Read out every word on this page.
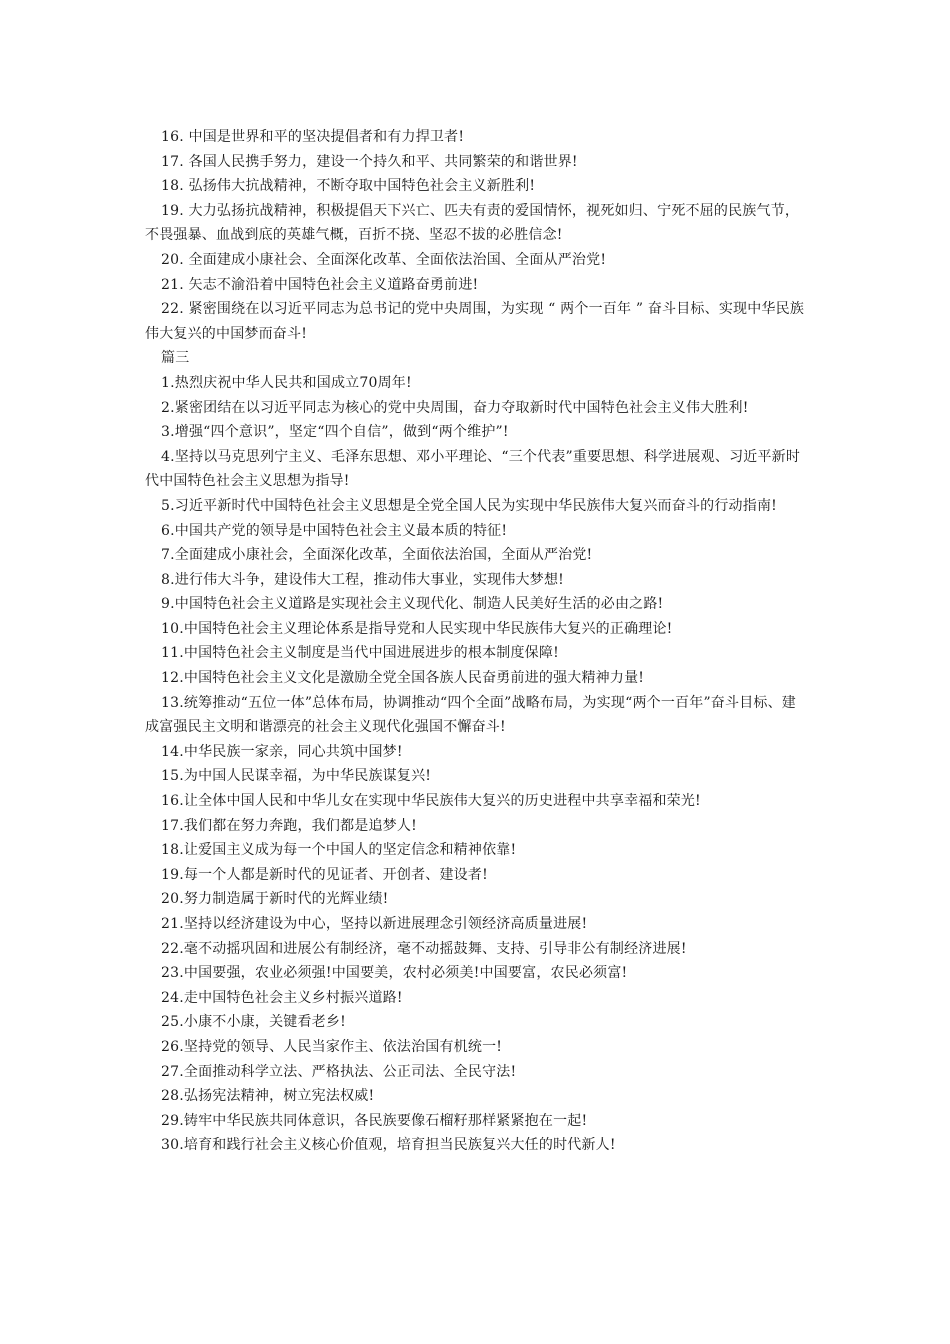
16. 中国是世界和平的坚决提倡者和有力捍卫者!

17. 各国人民携手努力，建设一个持久和平、共同繁荣的和谐世界!

18. 弘扬伟大抗战精神，不断夺取中国特色社会主义新胜利!

19. 大力弘扬抗战精神，积极提倡天下兴亡、匹夫有责的爱国情怀，视死如归、宁死不屈的民族气节，不畏强暴、血战到底的英雄气概，百折不挠、坚忍不拔的必胜信念!

20. 全面建成小康社会、全面深化改革、全面依法治国、全面从严治党!

21. 矢志不渝沿着中国特色社会主义道路奋勇前进!

22. 紧密围绕在以习近平同志为总书记的党中央周围，为实现 “ 两个一百年 ” 奋斗目标、实现中华民族伟大复兴的中国梦而奋斗!

篇三

1.热烈庆祝中华人民共和国成立70周年!

2.紧密团结在以习近平同志为核心的党中央周围，奋力夺取新时代中国特色社会主义伟大胜利!

3.增强“四个意识”，坚定“四个自信”，做到“两个维护”!

4.坚持以马克思列宁主义、毛泽东思想、邓小平理论、“三个代表”重要思想、科学进展观、习近平新时代中国特色社会主义思想为指导!

5.习近平新时代中国特色社会主义思想是全党全国人民为实现中华民族伟大复兴而奋斗的行动指南!

6.中国共产党的领导是中国特色社会主义最本质的特征!

7.全面建成小康社会，全面深化改革，全面依法治国，全面从严治党!

8.进行伟大斗争，建设伟大工程，推动伟大事业，实现伟大梦想!

9.中国特色社会主义道路是实现社会主义现代化、制造人民美好生活的必由之路!

10.中国特色社会主义理论体系是指导党和人民实现中华民族伟大复兴的正确理论!

11.中国特色社会主义制度是当代中国进展进步的根本制度保障!

12.中国特色社会主义文化是激励全党全国各族人民奋勇前进的强大精神力量!

13.统筹推动“五位一体”总体布局，协调推动“四个全面”战略布局，为实现“两个一百年”奋斗目标、建成富强民主文明和谐漂亮的社会主义现代化强国不懈奋斗!

14.中华民族一家亲，同心共筑中国梦!

15.为中国人民谋幸福，为中华民族谋复兴!

16.让全体中国人民和中华儿女在实现中华民族伟大复兴的历史进程中共享幸福和荣光!

17.我们都在努力奔跑，我们都是追梦人!

18.让爱国主义成为每一个中国人的坚定信念和精神依靠!

19.每一个人都是新时代的见证者、开创者、建设者!

20.努力制造属于新时代的光辉业绩!

21.坚持以经济建设为中心，坚持以新进展理念引领经济高质量进展!

22.毫不动摇巩固和进展公有制经济，毫不动摇鼓舞、支持、引导非公有制经济进展!

23.中国要强，农业必须强!中国要美，农村必须美!中国要富，农民必须富!

24.走中国特色社会主义乡村振兴道路!

25.小康不小康，关键看老乡!

26.坚持党的领导、人民当家作主、依法治国有机统一!

27.全面推动科学立法、严格执法、公正司法、全民守法!

28.弘扬宪法精神，树立宪法权威!

29.铸牢中华民族共同体意识，各民族要像石榴籽那样紧紧抱在一起!

30.培育和践行社会主义核心价值观，培育担当民族复兴大任的时代新人!
